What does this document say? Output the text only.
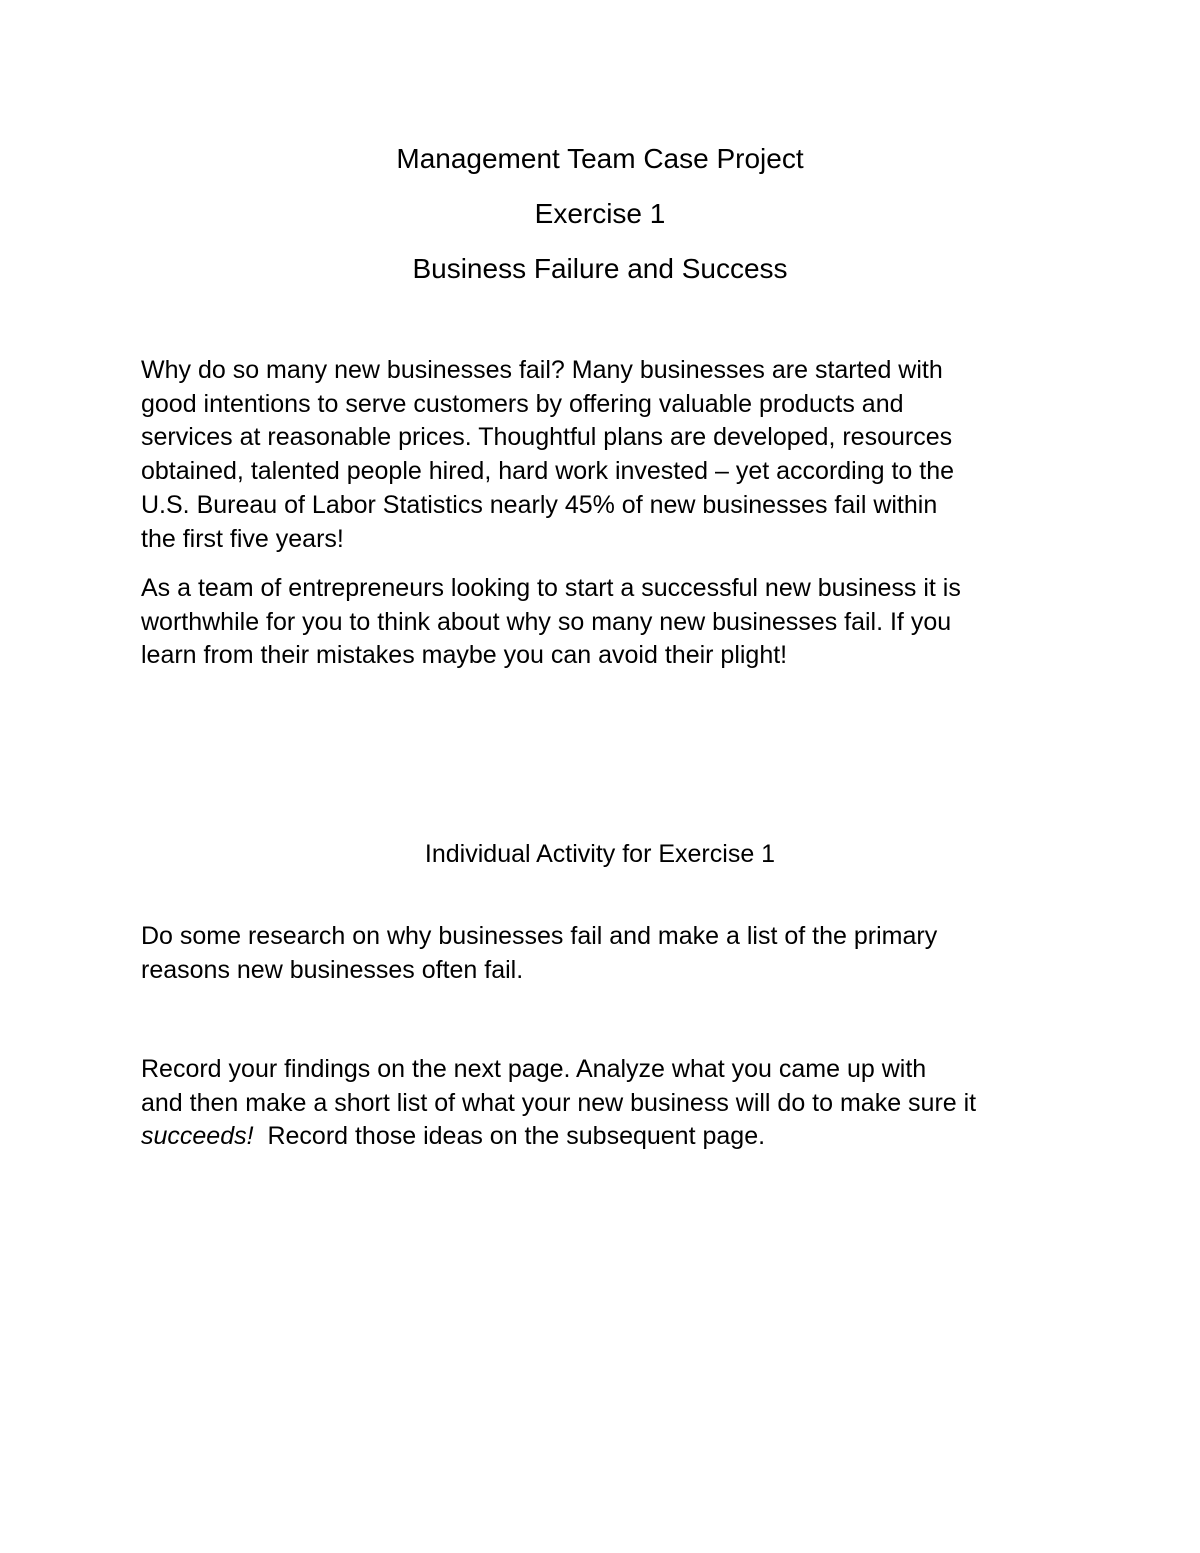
Management Team Case Project
Exercise 1
Business Failure and Success
Why do so many new businesses fail? Many businesses are started with
good intentions to serve customers by offering valuable products and
services at reasonable prices. Thoughtful plans are developed, resources
obtained, talented people hired, hard work invested – yet according to the
U.S. Bureau of Labor Statistics nearly 45% of new businesses fail within
the first five years!
As a team of entrepreneurs looking to start a successful new business it is
worthwhile for you to think about why so many new businesses fail. If you
learn from their mistakes maybe you can avoid their plight!
Individual Activity for Exercise 1
Do some research on why businesses fail and make a list of the primary
reasons new businesses often fail.
Record your findings on the next page. Analyze what you came up with
and then make a short list of what your new business will do to make sure it
succeeds!  Record those ideas on the subsequent page.
